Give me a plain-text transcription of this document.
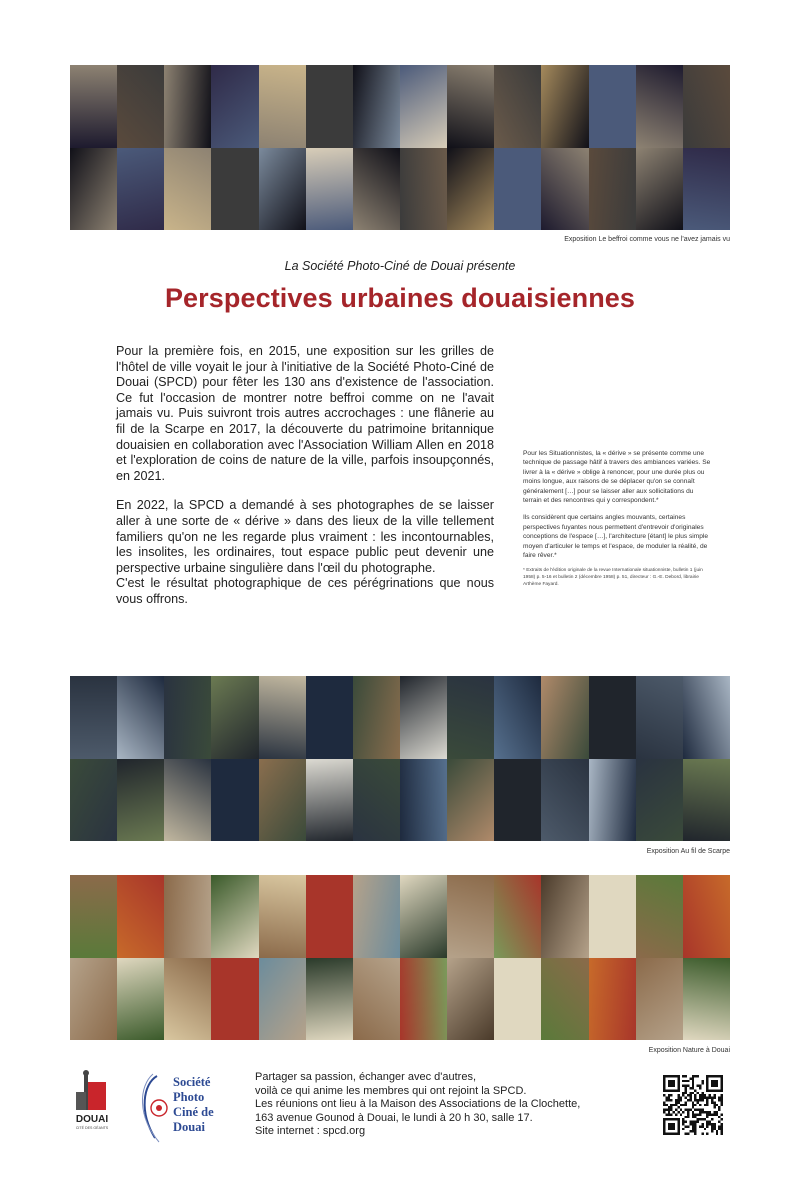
Exposition Le beffroi comme vous ne l'avez jamais vu
La Société Photo-Ciné de Douai présente
Perspectives urbaines douaisiennes

Pour la première fois, en 2015, une exposition sur les grilles de l'hôtel de ville voyait le jour à l'initiative de la Société Photo-Ciné de Douai (SPCD) pour fêter les 130 ans d'existence de l'association. Ce fut l'occasion de montrer notre beffroi comme on ne l'avait jamais vu. Puis suivront trois autres accrochages : une flânerie au fil de la Scarpe en 2017, la découverte du patrimoine britannique douaisien en collaboration avec l'Association William Allen en 2018 et l'exploration de coins de nature de la ville, parfois insoupçonnés, en 2021.

En 2022, la SPCD a demandé à ses photographes de se laisser aller à une sorte de « dérive » dans des lieux de la ville tellement familiers qu'on ne les regarde plus vraiment : les incontournables, les insolites, les ordinaires, tout espace public peut devenir une perspective urbaine singulière dans l'œil du photographe.

C'est le résultat photographique de ces pérégrinations que nous vous offrons.

Pour les Situationnistes, la « dérive » se présente comme une technique de passage hâtif à travers des ambiances variées. Se livrer à la « dérive » oblige à renoncer, pour une durée plus ou moins longue, aux raisons de se déplacer qu'on se connaît généralement […] pour se laisser aller aux sollicitations du terrain et des rencontres qui y correspondent.*

Ils considèrent que certains angles mouvants, certaines perspectives fuyantes nous permettent d'entrevoir d'originales conceptions de l'espace […], l'architecture [étant] le plus simple moyen d'articuler le temps et l'espace, de moduler la réalité, de faire rêver.*

* Extraits de l'édition originale de la revue Internationale situationniste, bulletin 1 (juin 1958) p. 5-16 et bulletin 2 (décembre 1958) p. 51, directeur : G.-E. Debord, librairie Arthème Fayard.

Exposition Au fil de Scarpe
Exposition Nature à Douai
DOUAI
CITÉ DES GÉANTS
Société
Photo
Ciné de
Douai
Partager sa passion, échanger avec d'autres,
voilà ce qui anime les membres qui ont rejoint la SPCD.
Les réunions ont lieu à la Maison des Associations de la Clochette,
163 avenue Gounod à Douai, le lundi à 20 h 30, salle 17.
Site internet : spcd.org
